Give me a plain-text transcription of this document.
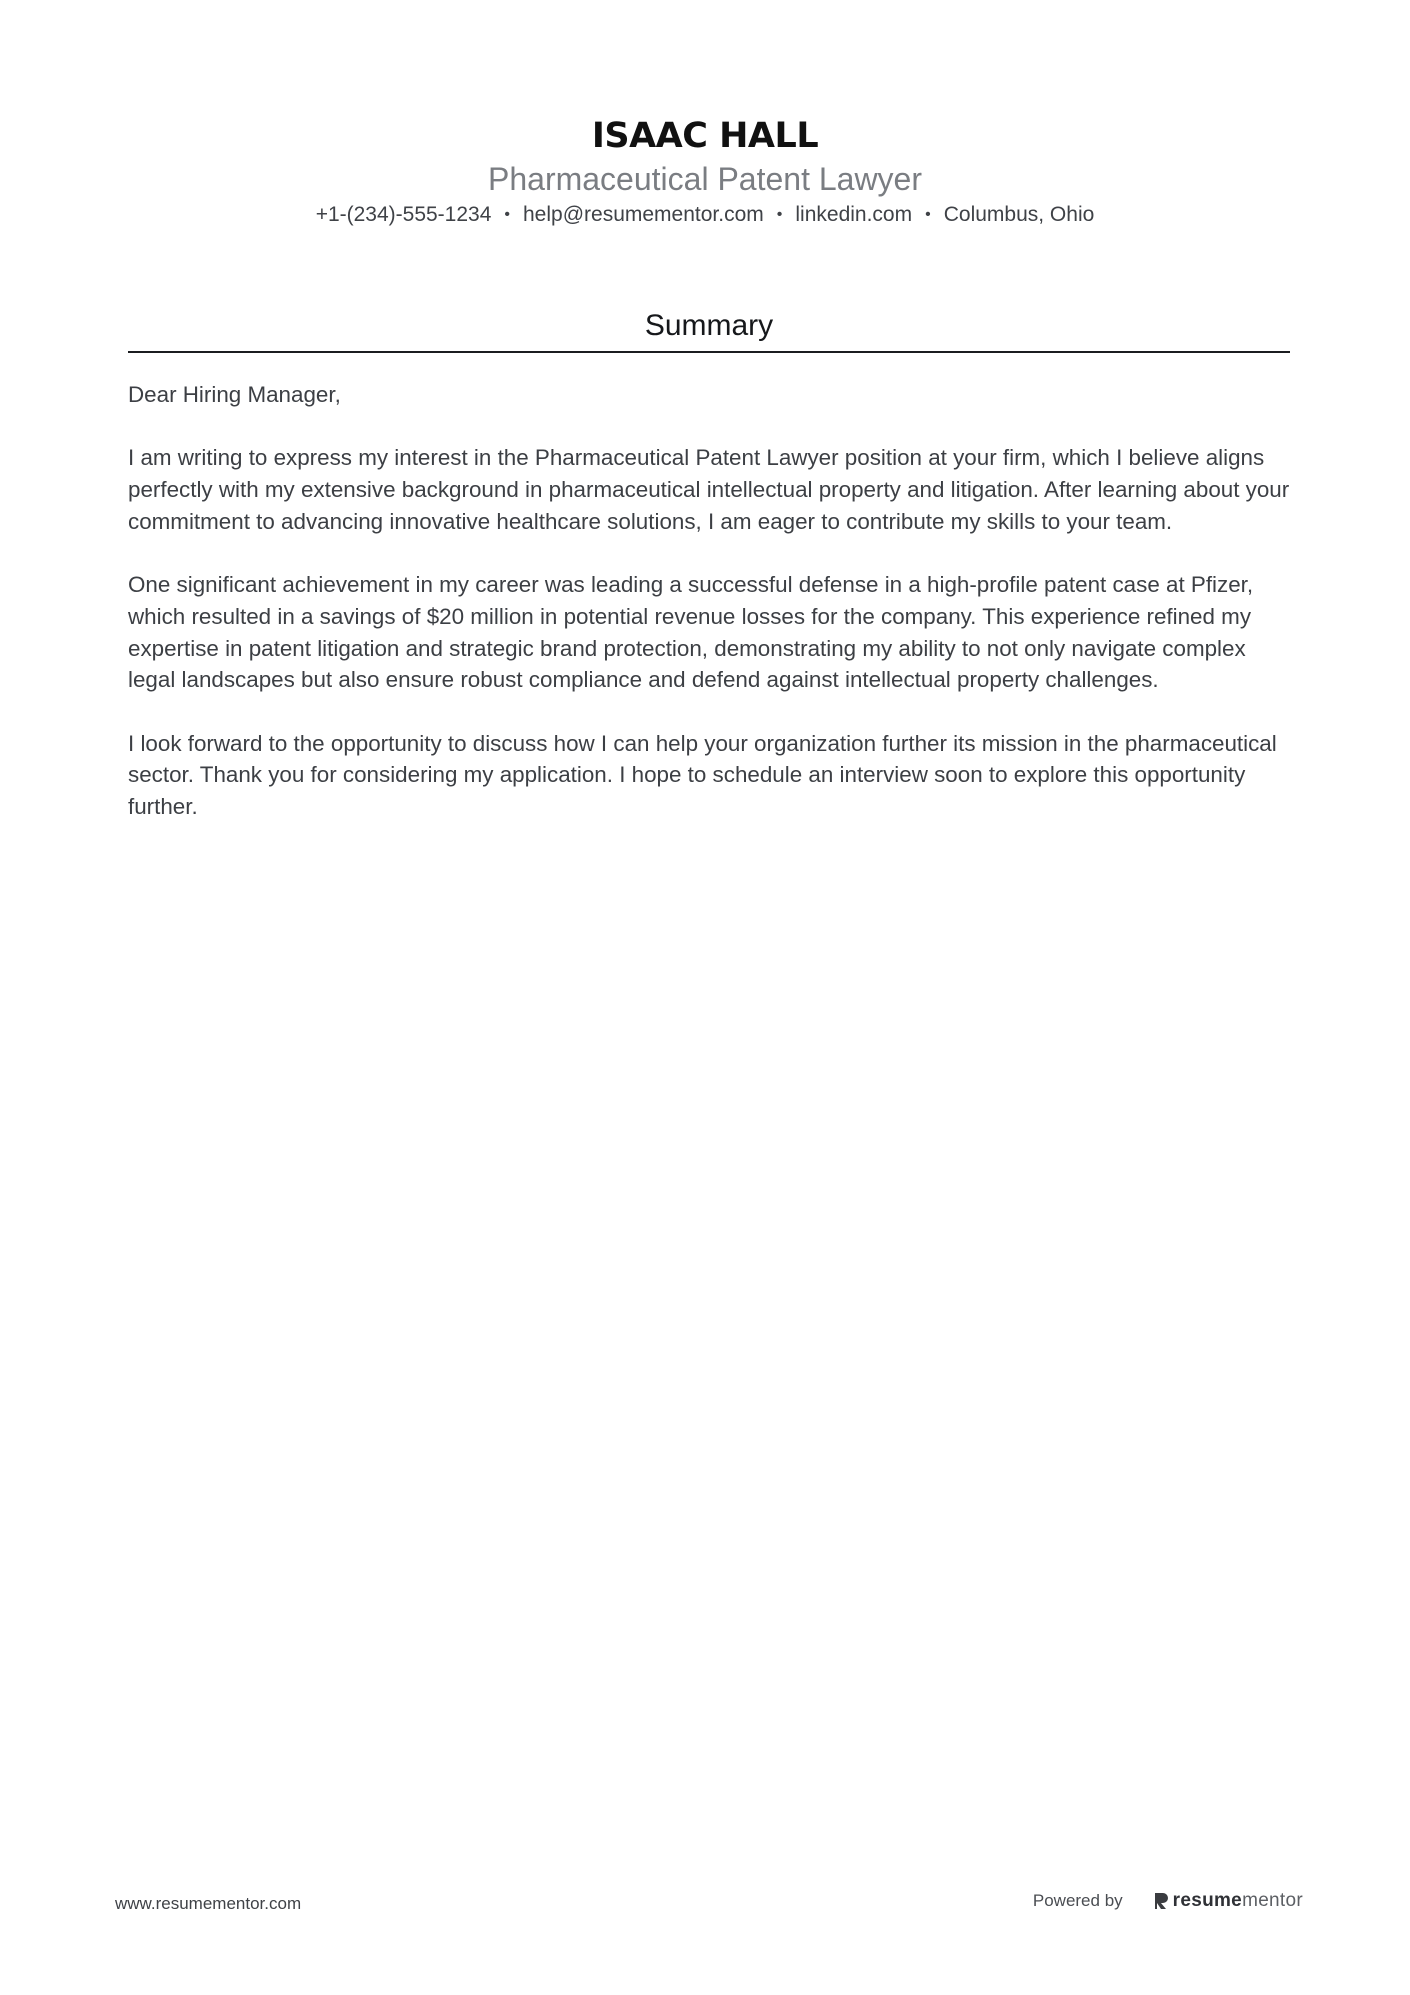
ISAAC HALL
Pharmaceutical Patent Lawyer
+1-(234)-555-1234 • help@resumementor.com • linkedin.com • Columbus, Ohio
Summary

Dear Hiring Manager,

I am writing to express my interest in the Pharmaceutical Patent Lawyer position at your firm, which I believe aligns perfectly with my extensive background in pharmaceutical intellectual property and litigation. After learning about your commitment to advancing innovative healthcare solutions, I am eager to contribute my skills to your team.

One significant achievement in my career was leading a successful defense in a high-profile patent case at Pfizer, which resulted in a savings of $20 million in potential revenue losses for the company. This experience refined my expertise in patent litigation and strategic brand protection, demonstrating my ability to not only navigate complex legal landscapes but also ensure robust compliance and defend against intellectual property challenges.

I look forward to the opportunity to discuss how I can help your organization further its mission in the pharmaceutical sector. Thank you for considering my application. I hope to schedule an interview soon to explore this opportunity further.

www.resumementor.com	Powered by	resume mentor
